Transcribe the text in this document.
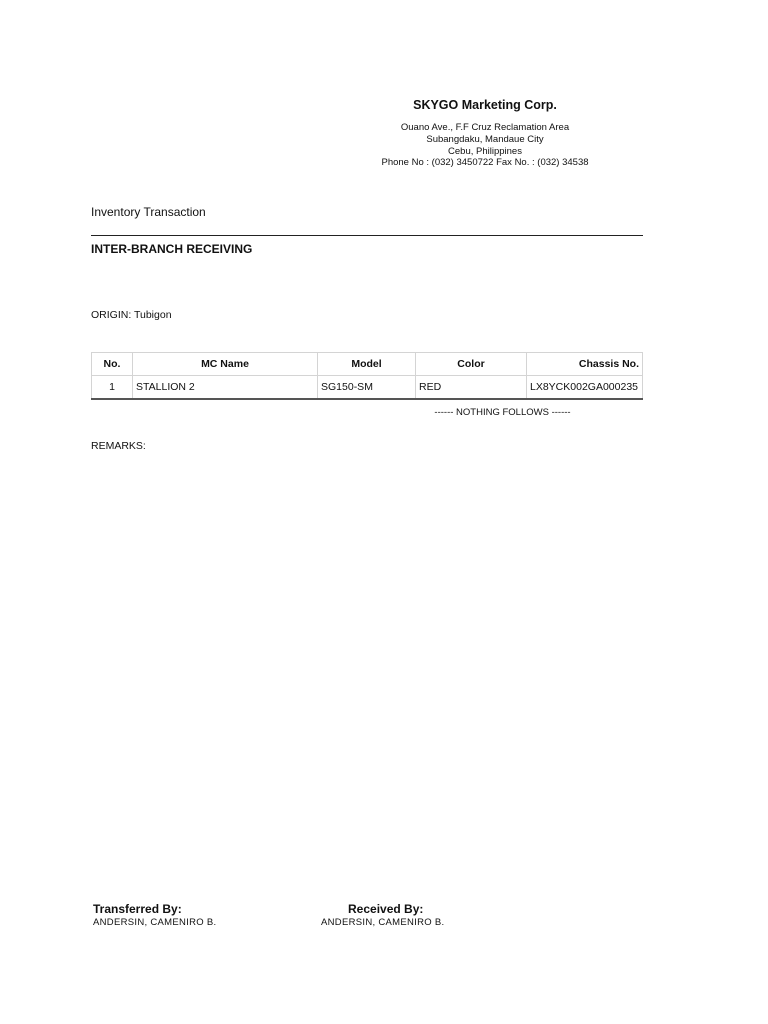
SKYGO Marketing Corp.
Ouano Ave., F.F Cruz Reclamation Area
Subangdaku, Mandaue City
Cebu, Philippines
Phone No : (032) 3450722 Fax No. : (032) 34538
Inventory Transaction
INTER-BRANCH RECEIVING
ORIGIN: Tubigon
No.	MC Name	Model	Color	Chassis No.
1	STALLION 2	SG150-SM	RED	LX8YCK002GA000235
------ NOTHING FOLLOWS ------
REMARKS:
Transferred By:
ANDERSIN, CAMENIRO B.
Received By:
ANDERSIN, CAMENIRO B.
